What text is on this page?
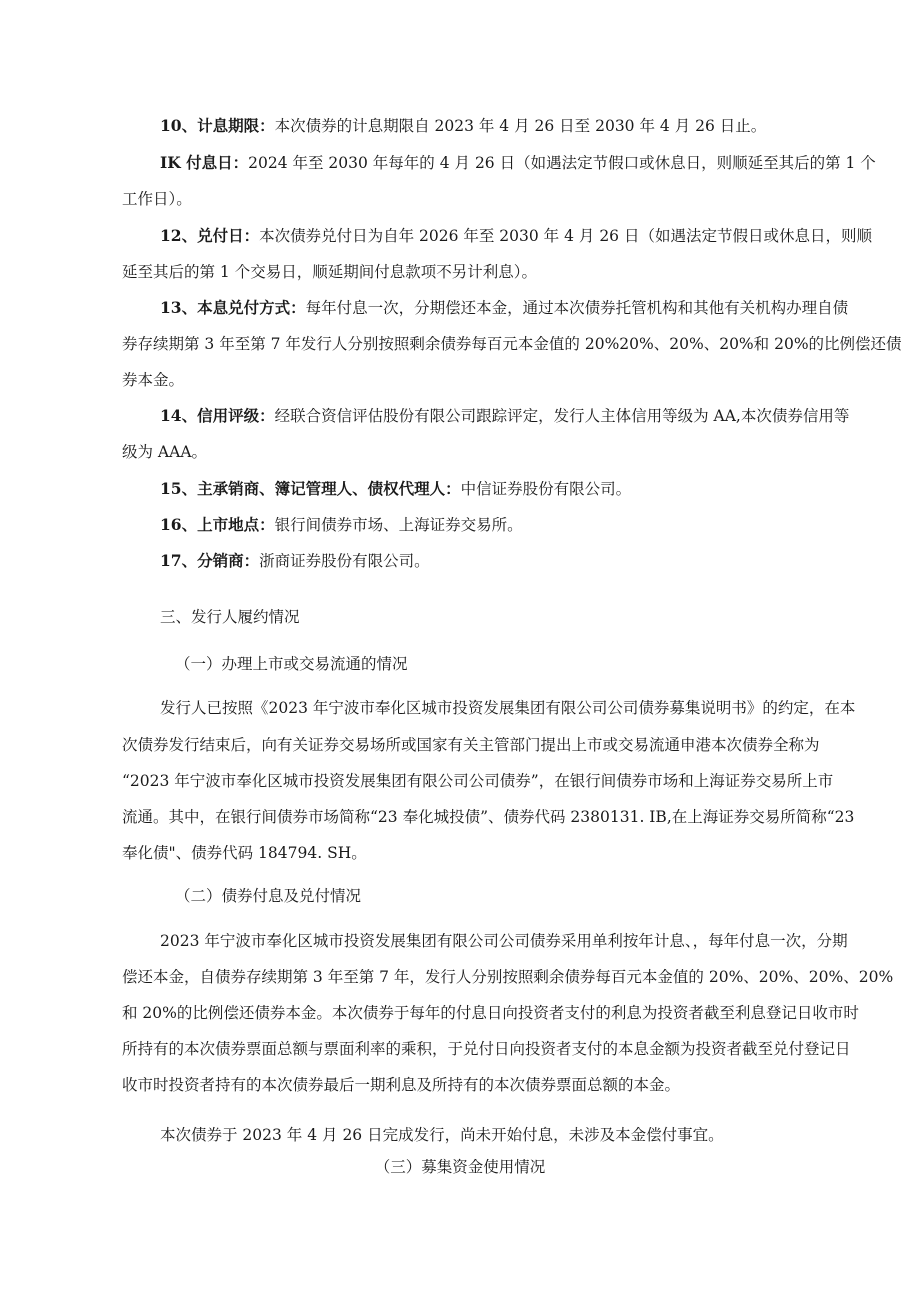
10、计息期限：本次债券的计息期限自 2023 年 4 月 26 日至 2030 年 4 月 26 日止。
IK 付息日：2024 年至 2030 年每年的 4 月 26 日（如遇法定节假口或休息日，则顺延至其后的第 1 个
工作日）。
12、兑付日：本次债券兑付日为自年 2026 年至 2030 年 4 月 26 日（如遇法定节假日或休息日，则顺
延至其后的第 1 个交易日，顺延期间付息款项不另计利息）。
13、本息兑付方式：每年付息一次，分期偿还本金，通过本次债券托管机构和其他有关机构办理自债
券存续期第 3 年至第 7 年发行人分别按照剩余债券每百元本金值的 20%20%、20%、20%和 20%的比例偿还债
券本金。
14、信用评级：经联合资信评估股份有限公司跟踪评定，发行人主体信用等级为 AA,本次债券信用等
级为 AAA。
15、主承销商、簿记管理人、债权代理人：中信证券股份有限公司。
16、上市地点：银行间债券市场、上海证券交易所。
17、分销商：浙商证券股份有限公司。
三、发行人履约情况
（一）办理上市或交易流通的情况
发行人已按照《2023 年宁波市奉化区城市投资发展集团有限公司公司债券募集说明书》的约定，在本
次债券发行结束后，向有关证券交易场所或国家有关主管部门提出上市或交易流通申港本次债券全称为
“2023 年宁波市奉化区城市投资发展集团有限公司公司债券”，在银行间债券市场和上海证券交易所上市
流通。其中，在银行间债券市场简称“23 奉化城投债”、债券代码 2380131. IB,在上海证券交易所简称“23
奉化债"、债券代码 184794. SH。
（二）债券付息及兑付情况
2023 年宁波市奉化区城市投资发展集团有限公司公司债券采用单利按年计息、，每年付息一次，分期
偿还本金，自债券存续期第 3 年至第 7 年，发行人分别按照剩余债券每百元本金值的 20%、20%、20%、20%
和 20%的比例偿还债券本金。本次债券于每年的付息日向投资者支付的利息为投资者截至利息登记日收市时
所持有的本次债券票面总额与票面利率的乘积，于兑付日向投资者支付的本息金额为投资者截至兑付登记日
收市时投资者持有的本次债券最后一期利息及所持有的本次债券票面总额的本金。
本次债券于 2023 年 4 月 26 日完成发行，尚未开始付息，未涉及本金偿付事宜。
（三）募集资金使用情况
